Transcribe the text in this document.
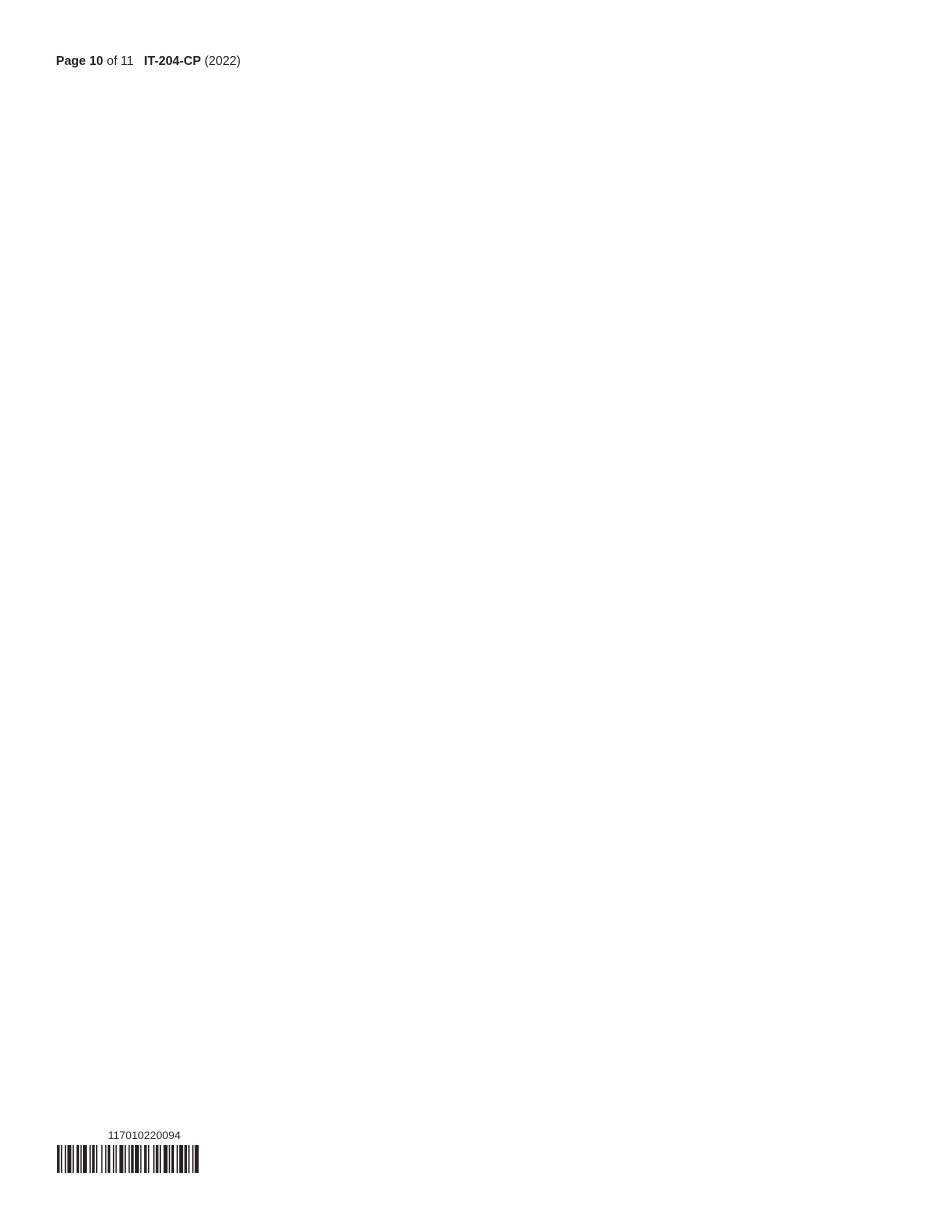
Page 10 of 11 IT-204-CP (2022)
117010220094
